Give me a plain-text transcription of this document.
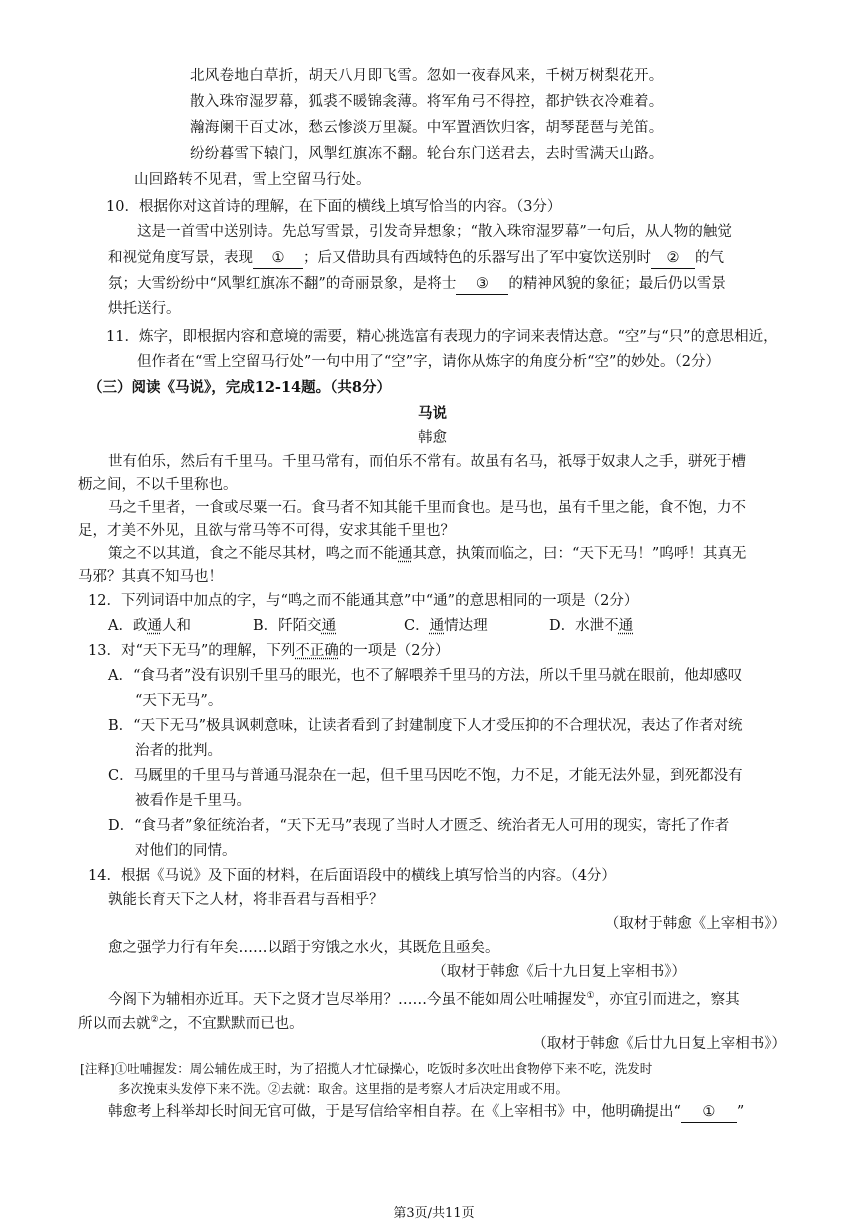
北风卷地白草折，胡天八月即飞雪。忽如一夜春风来，千树万树梨花开。
散入珠帘湿罗幕，狐裘不暖锦衾薄。将军角弓不得控，都护铁衣冷难着。
瀚海阑干百丈冰，愁云惨淡万里凝。中军置酒饮归客，胡琴琵琶与羌笛。
纷纷暮雪下辕门，风掣红旗冻不翻。轮台东门送君去，去时雪满天山路。
山回路转不见君，雪上空留马行处。
10．根据你对这首诗的理解，在下面的横线上填写恰当的内容。（3分）
这是一首雪中送别诗。先总写雪景，引发奇异想象；“散入珠帘湿罗幕”一句后，从人物的触觉
和视觉角度写景，表现 ① ；后又借助具有西域特色的乐器写出了军中宴饮送别时 ② 的气
氛；大雪纷纷中“风掣红旗冻不翻”的奇丽景象，是将士 ③ 的精神风貌的象征；最后仍以雪景
烘托送行。
11．炼字，即根据内容和意境的需要，精心挑选富有表现力的字词来表情达意。“空”与“只”的意思相近，
但作者在“雪上空留马行处”一句中用了“空”字，请你从炼字的角度分析“空”的妙处。（2分）
（三）阅读《马说》，完成12-14题。（共8分）
马说
韩愈
世有伯乐，然后有千里马。千里马常有，而伯乐不常有。故虽有名马，祇辱于奴隶人之手，骈死于槽
枥之间，不以千里称也。
马之千里者，一食或尽粟一石。食马者不知其能千里而食也。是马也，虽有千里之能，食不饱，力不
足，才美不外见，且欲与常马等不可得，安求其能千里也？
策之不以其道，食之不能尽其材，鸣之而不能通其意，执策而临之，曰：“天下无马！”呜呼！其真无
马邪？其真不知马也！
12．下列词语中加点的字，与“鸣之而不能通其意”中“通”的意思相同的一项是（2分）
A．政通人和	B．阡陌交通	C．通情达理	D．水泄不通
13．对“天下无马”的理解，下列不正确的一项是（2分）
A．“食马者”没有识别千里马的眼光，也不了解喂养千里马的方法，所以千里马就在眼前，他却感叹
“天下无马”。
B．“天下无马”极具讽刺意味，让读者看到了封建制度下人才受压抑的不合理状况，表达了作者对统
治者的批判。
C．马厩里的千里马与普通马混杂在一起，但千里马因吃不饱，力不足，才能无法外显，到死都没有
被看作是千里马。
D．“食马者”象征统治者，“天下无马”表现了当时人才匮乏、统治者无人可用的现实，寄托了作者
对他们的同情。
14．根据《马说》及下面的材料，在后面语段中的横线上填写恰当的内容。（4分）
孰能长育天下之人材，将非吾君与吾相乎？
（取材于韩愈《上宰相书》）
愈之强学力行有年矣……以蹈于穷饿之水火，其既危且亟矣。
（取材于韩愈《后十九日复上宰相书》）
今阁下为辅相亦近耳。天下之贤才岂尽举用？……今虽不能如周公吐哺握发①，亦宜引而进之，察其
所以而去就②之，不宜默默而已也。
（取材于韩愈《后廿九日复上宰相书》）
[注释]①吐哺握发：周公辅佐成王时，为了招揽人才忙碌操心，吃饭时多次吐出食物停下来不吃，洗发时
多次挽束头发停下来不洗。②去就：取舍。这里指的是考察人才后决定用或不用。
韩愈考上科举却长时间无官可做，于是写信给宰相自荐。在《上宰相书》中，他明确提出“ ① ”
第3页/共11页
